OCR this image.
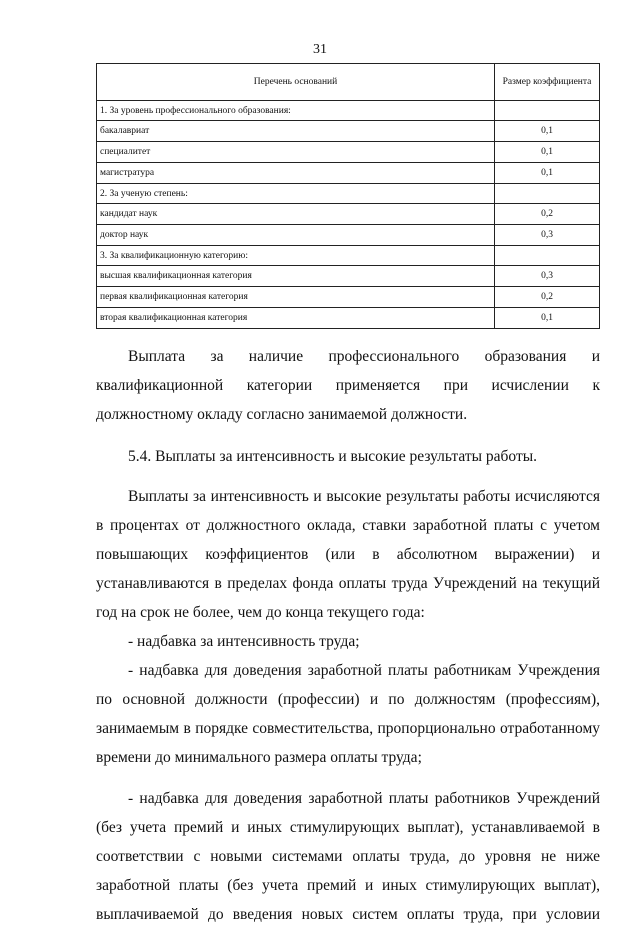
31
Перечень оснований	Размер коэффициента
1. За уровень профессионального образования:	
бакалавриат	0,1
специалитет	0,1
магистратура	0,1
2. За ученую степень:	
кандидат наук	0,2
доктор наук	0,3
3. За квалификационную категорию:	
высшая квалификационная категория	0,3
первая квалификационная категория	0,2
вторая квалификационная категория	0,1

Выплата за наличие профессионального образования и квалификационной категории применяется при исчислении к должностному окладу согласно занимаемой должности.

5.4. Выплаты за интенсивность и высокие результаты работы.

Выплаты за интенсивность и высокие результаты работы исчисляются в процентах от должностного оклада, ставки заработной платы с учетом повышающих коэффициентов (или в абсолютном выражении) и устанавливаются в пределах фонда оплаты труда Учреждений на текущий год на срок не более, чем до конца текущего года:

- надбавка за интенсивность труда;

- надбавка для доведения заработной платы работникам Учреждения по основной должности (профессии) и по должностям (профессиям), занимаемым в порядке совместительства, пропорционально отработанному времени до минимального размера оплаты труда;

- надбавка для доведения заработной платы работников Учреждений (без учета премий и иных стимулирующих выплат), устанавливаемой в соответствии с новыми системами оплаты труда, до уровня не ниже заработной платы (без учета премий и иных стимулирующих выплат), выплачиваемой до введения новых систем оплаты труда, при условии
